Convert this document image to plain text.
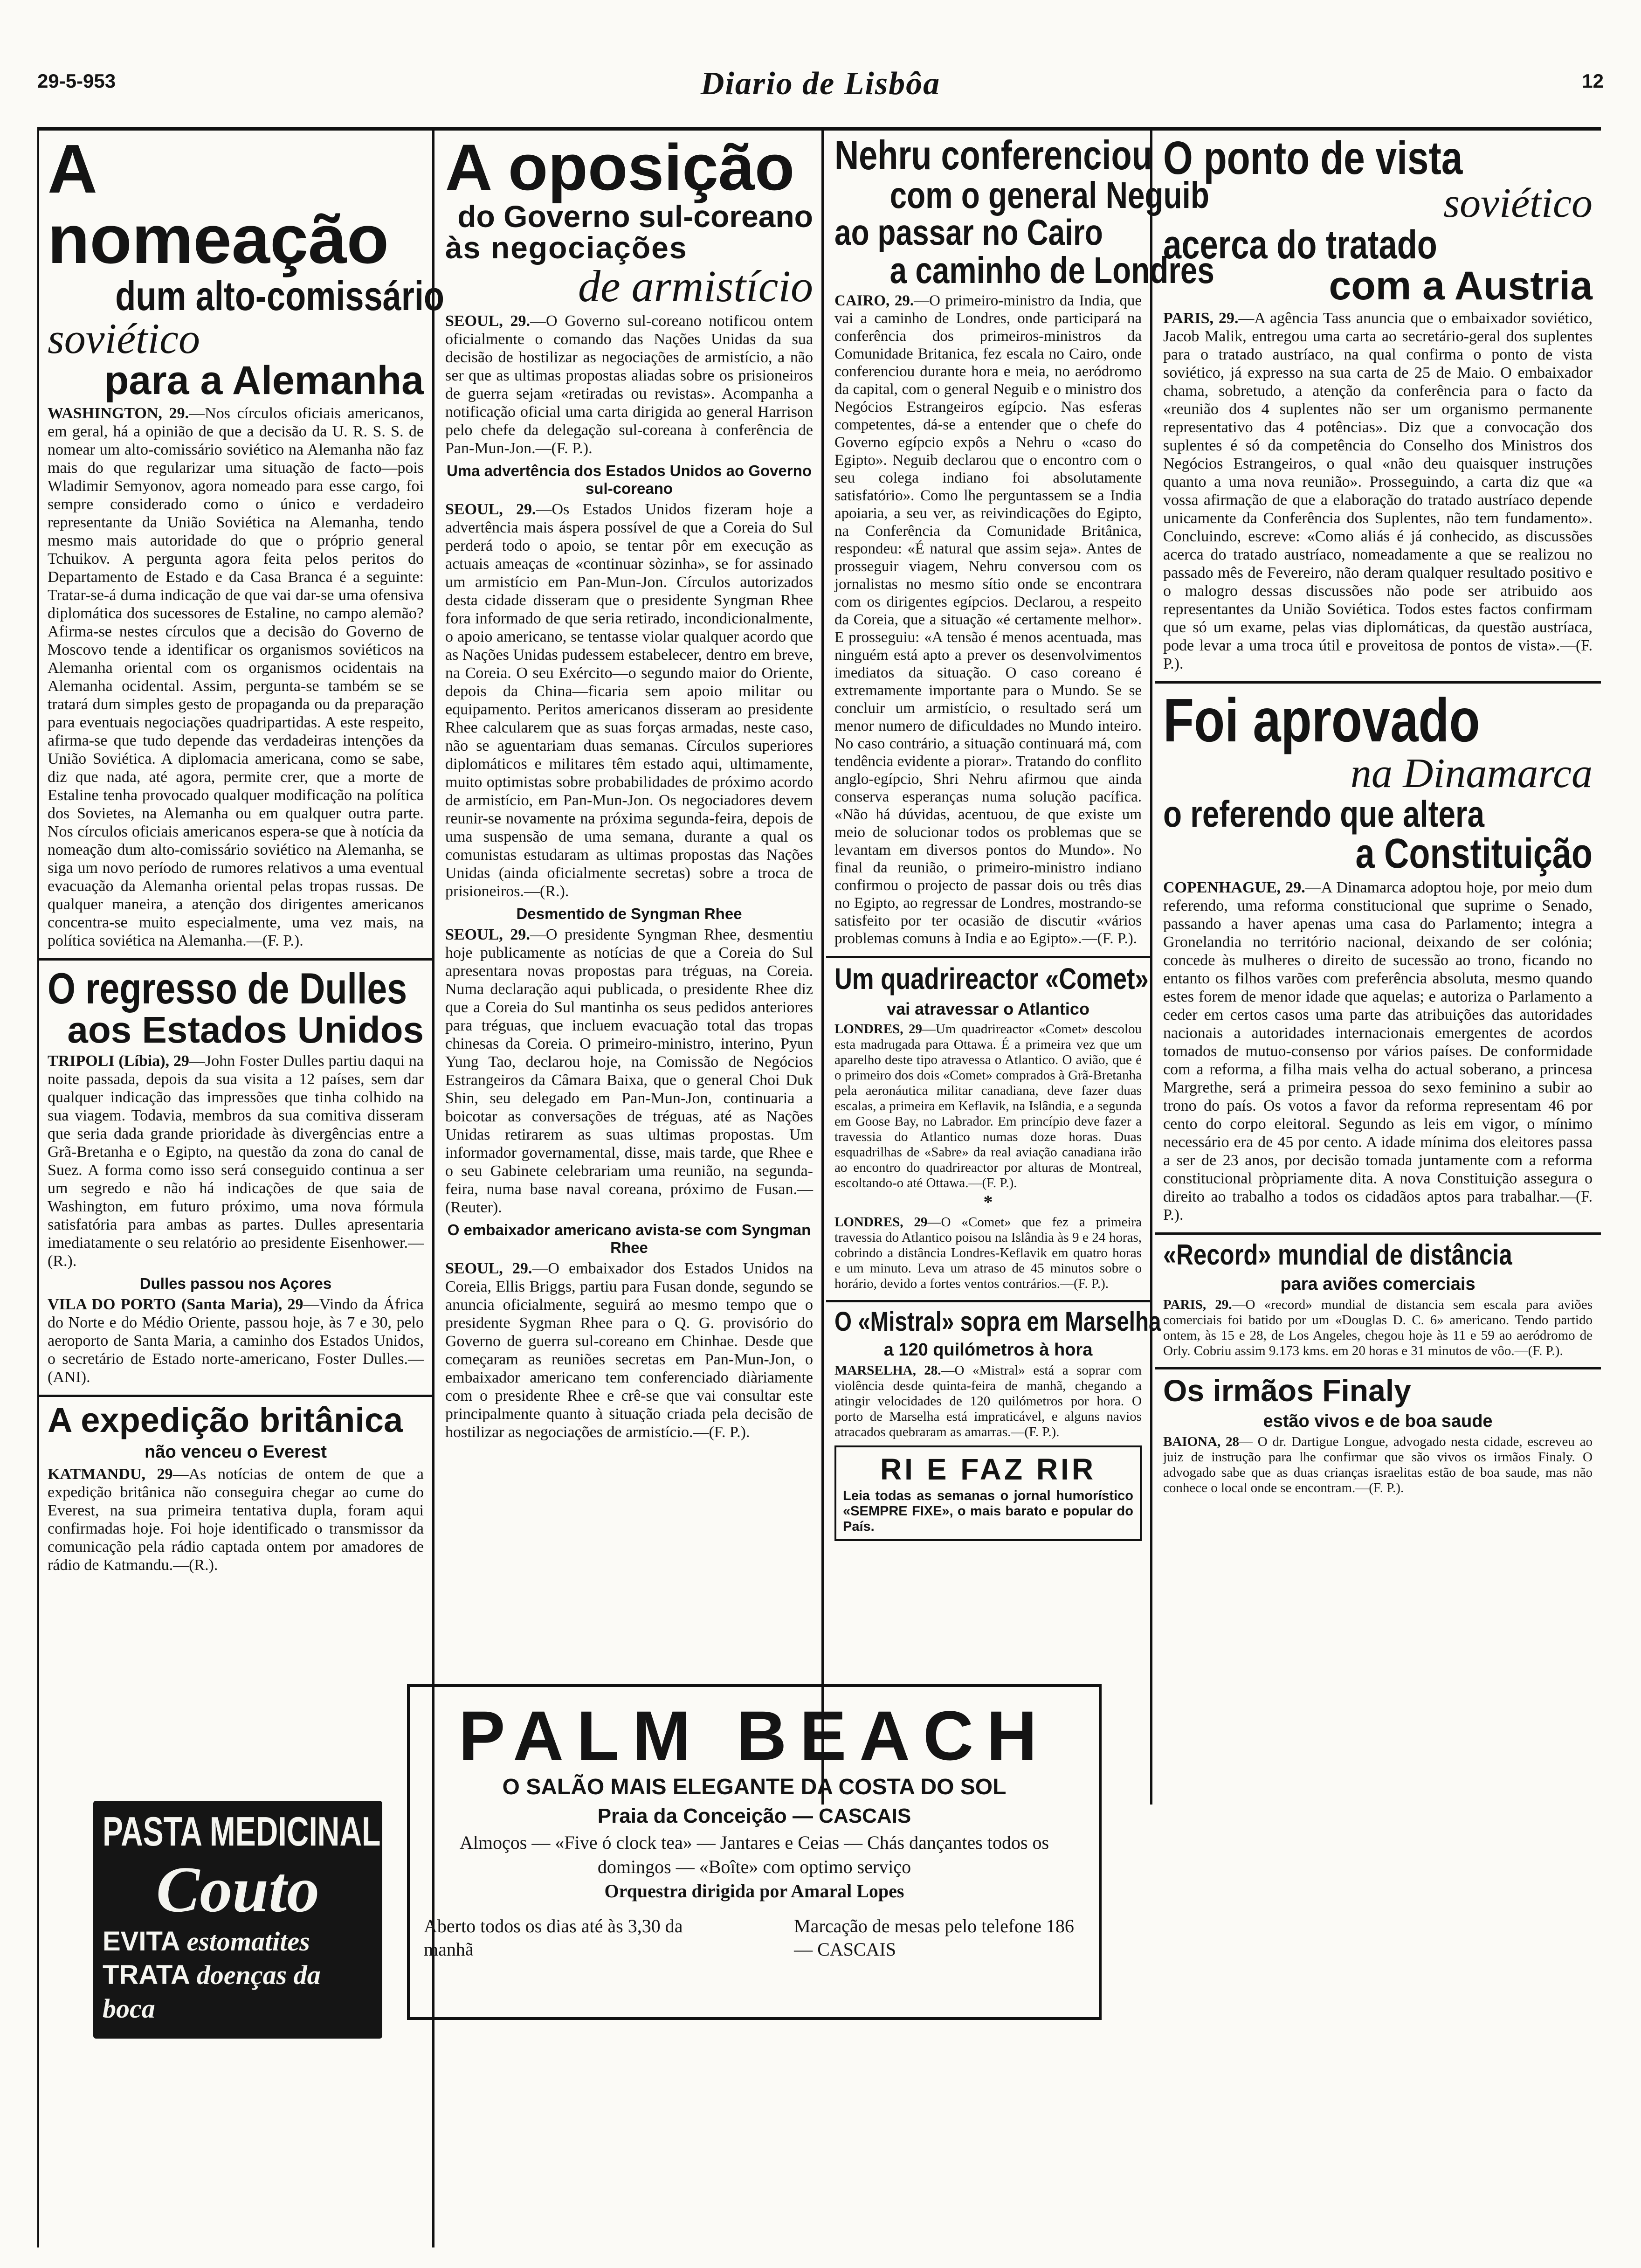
29-5-953	Diario de Lisbôa	12
A nomeação
dum alto-comissário
soviético
para a Alemanha

WASHINGTON, 29.—Nos círculos oficiais americanos, em geral, há a opinião de que a decisão da U. R. S. S. de nomear um alto-comissário soviético na Alemanha não faz mais do que regularizar uma situação de facto—pois Wladimir Semyonov, agora nomeado para esse cargo, foi sempre considerado como o único e verdadeiro representante da União Soviética na Alemanha, tendo mesmo mais autoridade do que o próprio general Tchuikov. A pergunta agora feita pelos peritos do Departamento de Estado e da Casa Branca é a seguinte: Tratar-se-á duma indicação de que vai dar-se uma ofensiva diplomática dos sucessores de Estaline, no campo alemão? Afirma-se nestes círculos que a decisão do Governo de Moscovo tende a identificar os organismos soviéticos na Alemanha oriental com os organismos ocidentais na Alemanha ocidental. Assim, pergunta-se também se se tratará dum simples gesto de propaganda ou da preparação para eventuais negociações quadripartidas. A este respeito, afirma-se que tudo depende das verdadeiras intenções da União Soviética. A diplomacia americana, como se sabe, diz que nada, até agora, permite crer, que a morte de Estaline tenha provocado qualquer modificação na política dos Sovietes, na Alemanha ou em qualquer outra parte. Nos círculos oficiais americanos espera-se que à notícia da nomeação dum alto-comissário soviético na Alemanha, se siga um novo período de rumores relativos a uma eventual evacuação da Alemanha oriental pelas tropas russas. De qualquer maneira, a atenção dos dirigentes americanos concentra-se muito especialmente, uma vez mais, na política soviética na Alemanha.—(F. P.).

O regresso de Dulles
aos Estados Unidos

TRIPOLI (Líbia), 29—John Foster Dulles partiu daqui na noite passada, depois da sua visita a 12 países, sem dar qualquer indicação das impressões que tinha colhido na sua viagem. Todavia, membros da sua comitiva disseram que seria dada grande prioridade às divergências entre a Grã-Bretanha e o Egipto, na questão da zona do canal de Suez. A forma como isso será conseguido continua a ser um segredo e não há indicações de que saia de Washington, em futuro próximo, uma nova fórmula satisfatória para ambas as partes. Dulles apresentaria imediatamente o seu relatório ao presidente Eisenhower.—(R.).

Dulles passou nos Açores

VILA DO PORTO (Santa Maria), 29—Vindo da África do Norte e do Médio Oriente, passou hoje, às 7 e 30, pelo aeroporto de Santa Maria, a caminho dos Estados Unidos, o secretário de Estado norte-americano, Foster Dulles.—(ANI).

A expedição britânica
não venceu o Everest

KATMANDU, 29—As notícias de ontem de que a expedição britânica não conseguira chegar ao cume do Everest, na sua primeira tentativa dupla, foram aqui confirmadas hoje. Foi hoje identificado o transmissor da comunicação pela rádio captada ontem por amadores de rádio de Katmandu.—(R.).

A oposição
do Governo sul-coreano
às negociações
de armistício

SEOUL, 29.—O Governo sul-coreano notificou ontem oficialmente o comando das Nações Unidas da sua decisão de hostilizar as negociações de armistício, a não ser que as ultimas propostas aliadas sobre os prisioneiros de guerra sejam «retiradas ou revistas». Acompanha a notificação oficial uma carta dirigida ao general Harrison pelo chefe da delegação sul-coreana à conferência de Pan-Mun-Jon.—(F. P.).

Uma advertência dos Estados Unidos ao Governo sul-coreano

SEOUL, 29.—Os Estados Unidos fizeram hoje a advertência mais áspera possível de que a Coreia do Sul perderá todo o apoio, se tentar pôr em execução as actuais ameaças de «continuar sòzinha», se for assinado um armistício em Pan-Mun-Jon. Círculos autorizados desta cidade disseram que o presidente Syngman Rhee fora informado de que seria retirado, incondicionalmente, o apoio americano, se tentasse violar qualquer acordo que as Nações Unidas pudessem estabelecer, dentro em breve, na Coreia. O seu Exército—o segundo maior do Oriente, depois da China—ficaria sem apoio militar ou equipamento. Peritos americanos disseram ao presidente Rhee calcularem que as suas forças armadas, neste caso, não se aguentariam duas semanas. Círculos superiores diplomáticos e militares têm estado aqui, ultimamente, muito optimistas sobre probabilidades de próximo acordo de armistício, em Pan-Mun-Jon. Os negociadores devem reunir-se novamente na próxima segunda-feira, depois de uma suspensão de uma semana, durante a qual os comunistas estudaram as ultimas propostas das Nações Unidas (ainda oficialmente secretas) sobre a troca de prisioneiros.—(R.).

Desmentido de Syngman Rhee

SEOUL, 29.—O presidente Syngman Rhee, desmentiu hoje publicamente as notícias de que a Coreia do Sul apresentara novas propostas para tréguas, na Coreia. Numa declaração aqui publicada, o presidente Rhee diz que a Coreia do Sul mantinha os seus pedidos anteriores para tréguas, que incluem evacuação total das tropas chinesas da Coreia. O primeiro-ministro, interino, Pyun Yung Tao, declarou hoje, na Comissão de Negócios Estrangeiros da Câmara Baixa, que o general Choi Duk Shin, seu delegado em Pan-Mun-Jon, continuaria a boicotar as conversações de tréguas, até as Nações Unidas retirarem as suas ultimas propostas. Um informador governamental, disse, mais tarde, que Rhee e o seu Gabinete celebrariam uma reunião, na segunda-feira, numa base naval coreana, próximo de Fusan.—(Reuter).

O embaixador americano avista-se com Syngman Rhee

SEOUL, 29.—O embaixador dos Estados Unidos na Coreia, Ellis Briggs, partiu para Fusan donde, segundo se anuncia oficialmente, seguirá ao mesmo tempo que o presidente Sygman Rhee para o Q. G. provisório do Governo de guerra sul-coreano em Chinhae. Desde que começaram as reuniões secretas em Pan-Mun-Jon, o embaixador americano tem conferenciado diàriamente com o presidente Rhee e crê-se que vai consultar este principalmente quanto à situação criada pela decisão de hostilizar as negociações de armistício.—(F. P.).

Nehru conferenciou
com o general Neguib
ao passar no Cairo
a caminho de Londres

CAIRO, 29.—O primeiro-ministro da India, que vai a caminho de Londres, onde participará na conferência dos primeiros-ministros da Comunidade Britanica, fez escala no Cairo, onde conferenciou durante hora e meia, no aeródromo da capital, com o general Neguib e o ministro dos Negócios Estrangeiros egípcio. Nas esferas competentes, dá-se a entender que o chefe do Governo egípcio expôs a Nehru o «caso do Egipto». Neguib declarou que o encontro com o seu colega indiano foi absolutamente satisfatório». Como lhe perguntassem se a India apoiaria, a seu ver, as reivindicações do Egipto, na Conferência da Comunidade Britânica, respondeu: «É natural que assim seja». Antes de prosseguir viagem, Nehru conversou com os jornalistas no mesmo sítio onde se encontrara com os dirigentes egípcios. Declarou, a respeito da Coreia, que a situação «é certamente melhor». E prosseguiu: «A tensão é menos acentuada, mas ninguém está apto a prever os desenvolvimentos imediatos da situação. O caso coreano é extremamente importante para o Mundo. Se se concluir um armistício, o resultado será um menor numero de dificuldades no Mundo inteiro. No caso contrário, a situação continuará má, com tendência evidente a piorar». Tratando do conflito anglo-egípcio, Shri Nehru afirmou que ainda conserva esperanças numa solução pacífica. «Não há dúvidas, acentuou, de que existe um meio de solucionar todos os problemas que se levantam em diversos pontos do Mundo». No final da reunião, o primeiro-ministro indiano confirmou o projecto de passar dois ou três dias no Egipto, ao regressar de Londres, mostrando-se satisfeito por ter ocasião de discutir «vários problemas comuns à India e ao Egipto».—(F. P.).

Um quadrireactor «Comet»
vai atravessar o Atlantico

LONDRES, 29—Um quadrireactor «Comet» descolou esta madrugada para Ottawa. É a primeira vez que um aparelho deste tipo atravessa o Atlantico. O avião, que é o primeiro dos dois «Comet» comprados à Grã-Bretanha pela aeronáutica militar canadiana, deve fazer duas escalas, a primeira em Keflavik, na Islândia, e a segunda em Goose Bay, no Labrador. Em princípio deve fazer a travessia do Atlantico numas doze horas. Duas esquadrilhas de «Sabre» da real aviação canadiana irão ao encontro do quadrireactor por alturas de Montreal, escoltando-o até Ottawa.—(F. P.).

*

LONDRES, 29—O «Comet» que fez a primeira travessia do Atlantico poisou na Islândia às 9 e 24 horas, cobrindo a distância Londres-Keflavik em quatro horas e um minuto. Leva um atraso de 45 minutos sobre o horário, devido a fortes ventos contrários.—(F. P.).

O «Mistral» sopra em Marselha
a 120 quilómetros à hora

MARSELHA, 28.—O «Mistral» está a soprar com violência desde quinta-feira de manhã, chegando a atingir velocidades de 120 quilómetros por hora. O porto de Marselha está impraticável, e alguns navios atracados quebraram as amarras.—(F. P.).

RI E FAZ RIR

Leia todas as semanas o jornal humorístico «SEMPRE FIXE», o mais barato e popular do País.

O ponto de vista
soviético
acerca do tratado
com a Austria

PARIS, 29.—A agência Tass anuncia que o embaixador soviético, Jacob Malik, entregou uma carta ao secretário-geral dos suplentes para o tratado austríaco, na qual confirma o ponto de vista soviético, já expresso na sua carta de 25 de Maio. O embaixador chama, sobretudo, a atenção da conferência para o facto da «reunião dos 4 suplentes não ser um organismo permanente representativo das 4 potências». Diz que a convocação dos suplentes é só da competência do Conselho dos Ministros dos Negócios Estrangeiros, o qual «não deu quaisquer instruções quanto a uma nova reunião». Prosseguindo, a carta diz que «a vossa afirmação de que a elaboração do tratado austríaco depende unicamente da Conferência dos Suplentes, não tem fundamento». Concluindo, escreve: «Como aliás é já conhecido, as discussões acerca do tratado austríaco, nomeadamente a que se realizou no passado mês de Fevereiro, não deram qualquer resultado positivo e o malogro dessas discussões não pode ser atribuido aos representantes da União Soviética. Todos estes factos confirmam que só um exame, pelas vias diplomáticas, da questão austríaca, pode levar a uma troca útil e proveitosa de pontos de vista».—(F. P.).

Foi aprovado
na Dinamarca
o referendo que altera
a Constituição

COPENHAGUE, 29.—A Dinamarca adoptou hoje, por meio dum referendo, uma reforma constitucional que suprime o Senado, passando a haver apenas uma casa do Parlamento; integra a Gronelandia no território nacional, deixando de ser colónia; concede às mulheres o direito de sucessão ao trono, ficando no entanto os filhos varões com preferência absoluta, mesmo quando estes forem de menor idade que aquelas; e autoriza o Parlamento a ceder em certos casos uma parte das atribuições das autoridades nacionais a autoridades internacionais emergentes de acordos tomados de mutuo-consenso por vários países. De conformidade com a reforma, a filha mais velha do actual soberano, a princesa Margrethe, será a primeira pessoa do sexo feminino a subir ao trono do país. Os votos a favor da reforma representam 46 por cento do corpo eleitoral. Segundo as leis em vigor, o mínimo necessário era de 45 por cento. A idade mínima dos eleitores passa a ser de 23 anos, por decisão tomada juntamente com a reforma constitucional pròpriamente dita. A nova Constituição assegura o direito ao trabalho a todos os cidadãos aptos para trabalhar.—(F. P.).

«Record» mundial de distância
para aviões comerciais

PARIS, 29.—O «record» mundial de distancia sem escala para aviões comerciais foi batido por um «Douglas D. C. 6» americano. Tendo partido ontem, às 15 e 28, de Los Angeles, chegou hoje às 11 e 59 ao aeródromo de Orly. Cobriu assim 9.173 kms. em 20 horas e 31 minutos de vôo.—(F. P.).

Os irmãos Finaly
estão vivos e de boa saude

BAIONA, 28— O dr. Dartigue Longue, advogado nesta cidade, escreveu ao juiz de instrução para lhe confirmar que são vivos os irmãos Finaly. O advogado sabe que as duas crianças israelitas estão de boa saude, mas não conhece o local onde se encontram.—(F. P.).

PASTA MEDICINAL
Couto
EVITA estomatites
TRATA doenças da boca
PALM BEACH
O SALÃO MAIS ELEGANTE DA COSTA DO SOL
Praia da Conceição — CASCAIS
Almoços — «Five ó clock tea» — Jantares e Ceias — Chás dançantes todos os domingos — «Boîte» com optimo serviço
Orquestra dirigida por Amaral Lopes
Aberto todos os dias até às 3,30 da manhã
Marcação de mesas pelo telefone 186 — CASCAIS
